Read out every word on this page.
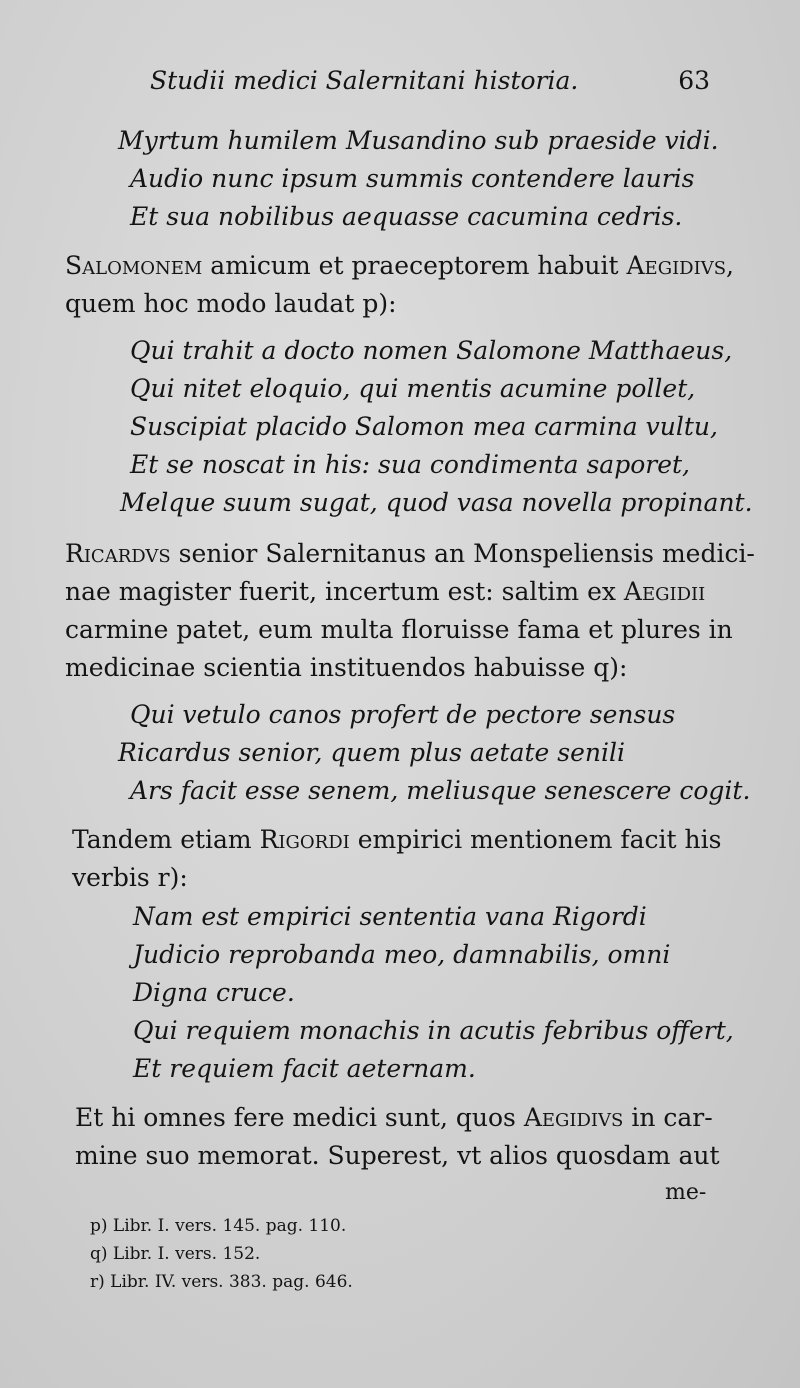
Studii medici Salernitani historia.	63
Myrtum humilem Musandino sub praeside vidi.
Audio nunc ipsum summis contendere lauris
Et sua nobilibus aequasse cacumina cedris.
Salomonem amicum et praeceptorem habuit Aegidivs,
quem hoc modo laudat p):
Qui trahit a docto nomen Salomone Matthaeus,
Qui nitet eloquio, qui mentis acumine pollet,
Suscipiat placido Salomon mea carmina vultu,
Et se noscat in his: sua condimenta saporet,
Melque suum sugat, quod vasa novella propinant.
Ricardvs senior Salernitanus an Monspeliensis medici-
nae magister fuerit, incertum est: saltim ex Aegidii
carmine patet, eum multa floruisse fama et plures in
medicinae scientia instituendos habuisse q):
Qui vetulo canos profert de pectore sensus
Ricardus senior, quem plus aetate senili
Ars facit esse senem, meliusque senescere cogit.
Tandem etiam Rigordi empirici mentionem facit his
verbis r):
Nam est empirici sententia vana Rigordi
Judicio reprobanda meo, damnabilis, omni
Digna cruce.
Qui requiem monachis in acutis febribus offert,
Et requiem facit aeternam.
Et hi omnes fere medici sunt, quos Aegidivs in car-
mine suo memorat. Superest, vt alios quosdam aut
me-
p) Libr. I. vers. 145. pag. 110.
q) Libr. I. vers. 152.
r) Libr. IV. vers. 383. pag. 646.
